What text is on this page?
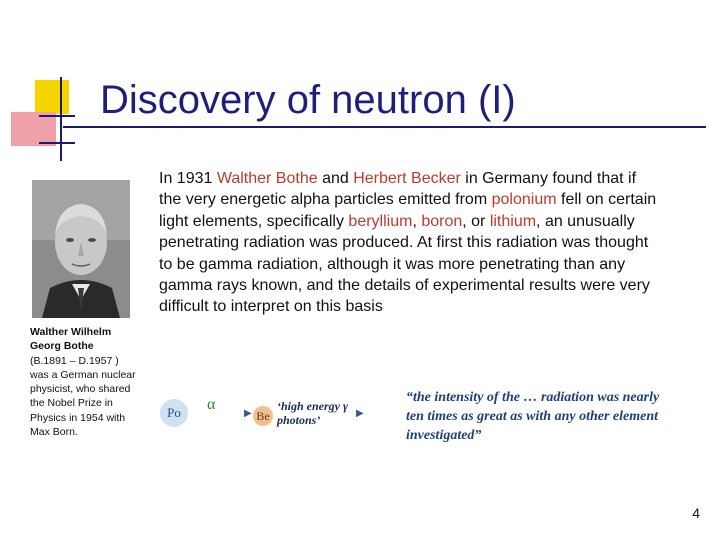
Discovery of neutron (I)
Walther Wilhelm Georg Bothe
(B.1891 – D.1957 ) was a German nuclear physicist, who shared the Nobel Prize in Physics in 1954 with Max Born.
In 1931 Walther Bothe and Herbert Becker in Germany found that if the very energetic alpha particles emitted from polonium fell on certain light elements, specifically beryllium, boron, or lithium, an unusually penetrating radiation was produced. At first this radiation was thought to be gamma radiation, although it was more penetrating than any gamma rays known, and the details of experimental results were very difficult to interpret on this basis
Po	α
▶ Be
‘high energy γ photons’	▶
“the intensity of the … radiation was nearly ten times as great as with any other element investigated”
4
